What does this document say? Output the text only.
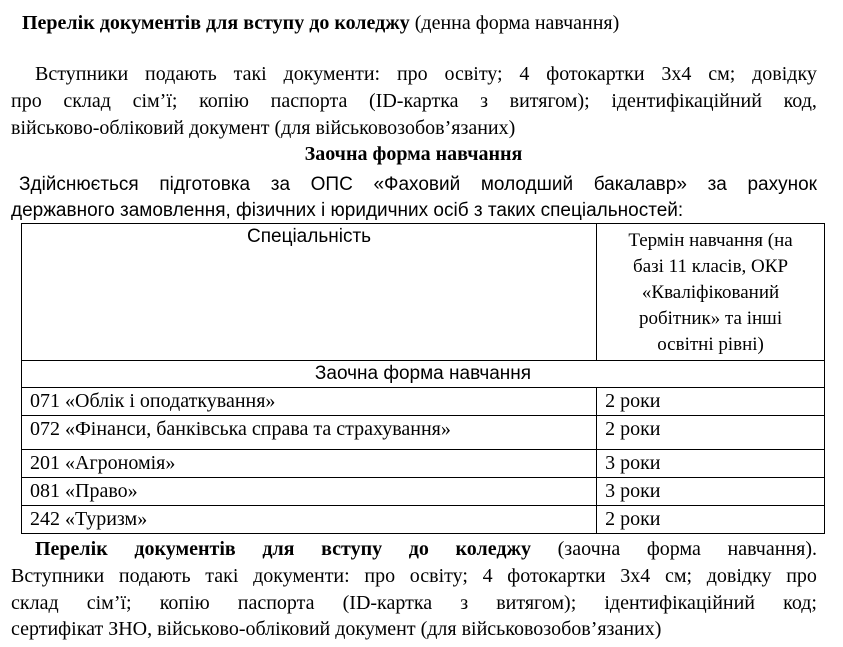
Перелік документів для вступу до коледжу (денна форма навчання)
Вступники подають такі документи: про освіту; 4 фотокартки 3х4 см; довідку
про склад сім’ї; копію паспорта (ID-картка з витягом); ідентифікаційний код,
військово-обліковий документ (для військовозобов’язаних)
Заочна форма навчання
Здійснюється підготовка за ОПС «Фаховий молодший бакалавр» за рахунок
державного замовлення, фізичних і юридичних осіб з таких спеціальностей:
Спеціальність	Термін навчання (на
базі 11 класів, ОКР
«Кваліфікований
робітник» та інші
освітні рівні)

Заочна форма навчання	
071 «Облік і оподаткування»	2 роки
072 «Фінанси, банківська справа та страхування»	2 роки
201 «Агрономія»	3 роки
081 «Право»	3 роки
242 «Туризм»	2 роки
Перелік документів для вступу до коледжу (заочна форма навчання).
Вступники подають такі документи: про освіту; 4 фотокартки 3х4 см; довідку про
склад сім’ї; копію паспорта (ID-картка з витягом); ідентифікаційний код;
сертифікат ЗНО, військово-обліковий документ (для військовозобов’язаних)
